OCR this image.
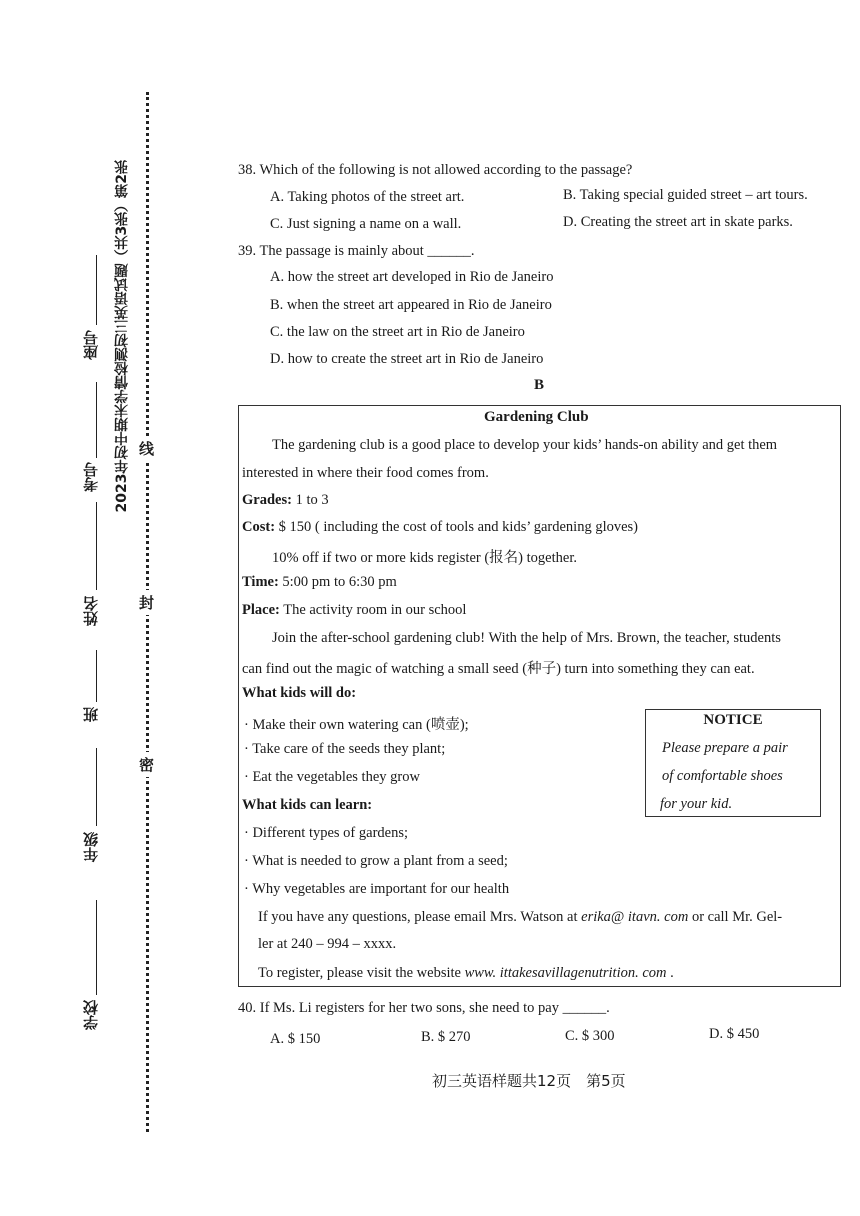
学校
年级
班
姓名
考号
座号 2023年初中期末学情检测初三英语试题（共3张）第2张 线
封
密
38. Which of the following is not allowed according to the passage?
A. Taking photos of the street art.	B. Taking special guided street – art tours.
C. Just signing a name on a wall.	D. Creating the street art in skate parks.
39. The passage is mainly about ______.
A. how the street art developed in Rio de Janeiro
B. when the street art appeared in Rio de Janeiro
C. the law on the street art in Rio de Janeiro
D. how to create the street art in Rio de Janeiro
B
Gardening Club
The gardening club is a good place to develop your kids’ hands-on ability and get them
interested in where their food comes from.
Grades: 1 to 3
Cost: $ 150 ( including the cost of tools and kids’ gardening gloves)
10% off if two or more kids register (报名) together.
Time: 5:00 pm to 6:30 pm
Place: The activity room in our school
Join the after-school gardening club! With the help of Mrs. Brown, the teacher, students
can find out the magic of watching a small seed (种子) turn into something they can eat.
What kids will do:
· Make their own watering can (喷壶);
· Take care of the seeds they plant;
· Eat the vegetables they grow
What kids can learn:
· Different types of gardens;
· What is needed to grow a plant from a seed;
· Why vegetables are important for our health
If you have any questions, please email Mrs. Watson at erika@ itavn. com or call Mr. Gel-
ler at 240 – 994 – xxxx.
To register, please visit the website www. ittakesavillagenutrition. com .
NOTICE
Please prepare a pair
of comfortable shoes
for your kid.
40. If Ms. Li registers for her two sons, she need to pay ______.
A. $ 150	B. $ 270	C. $ 300	D. $ 450
初三英语样题共12页　第5页
